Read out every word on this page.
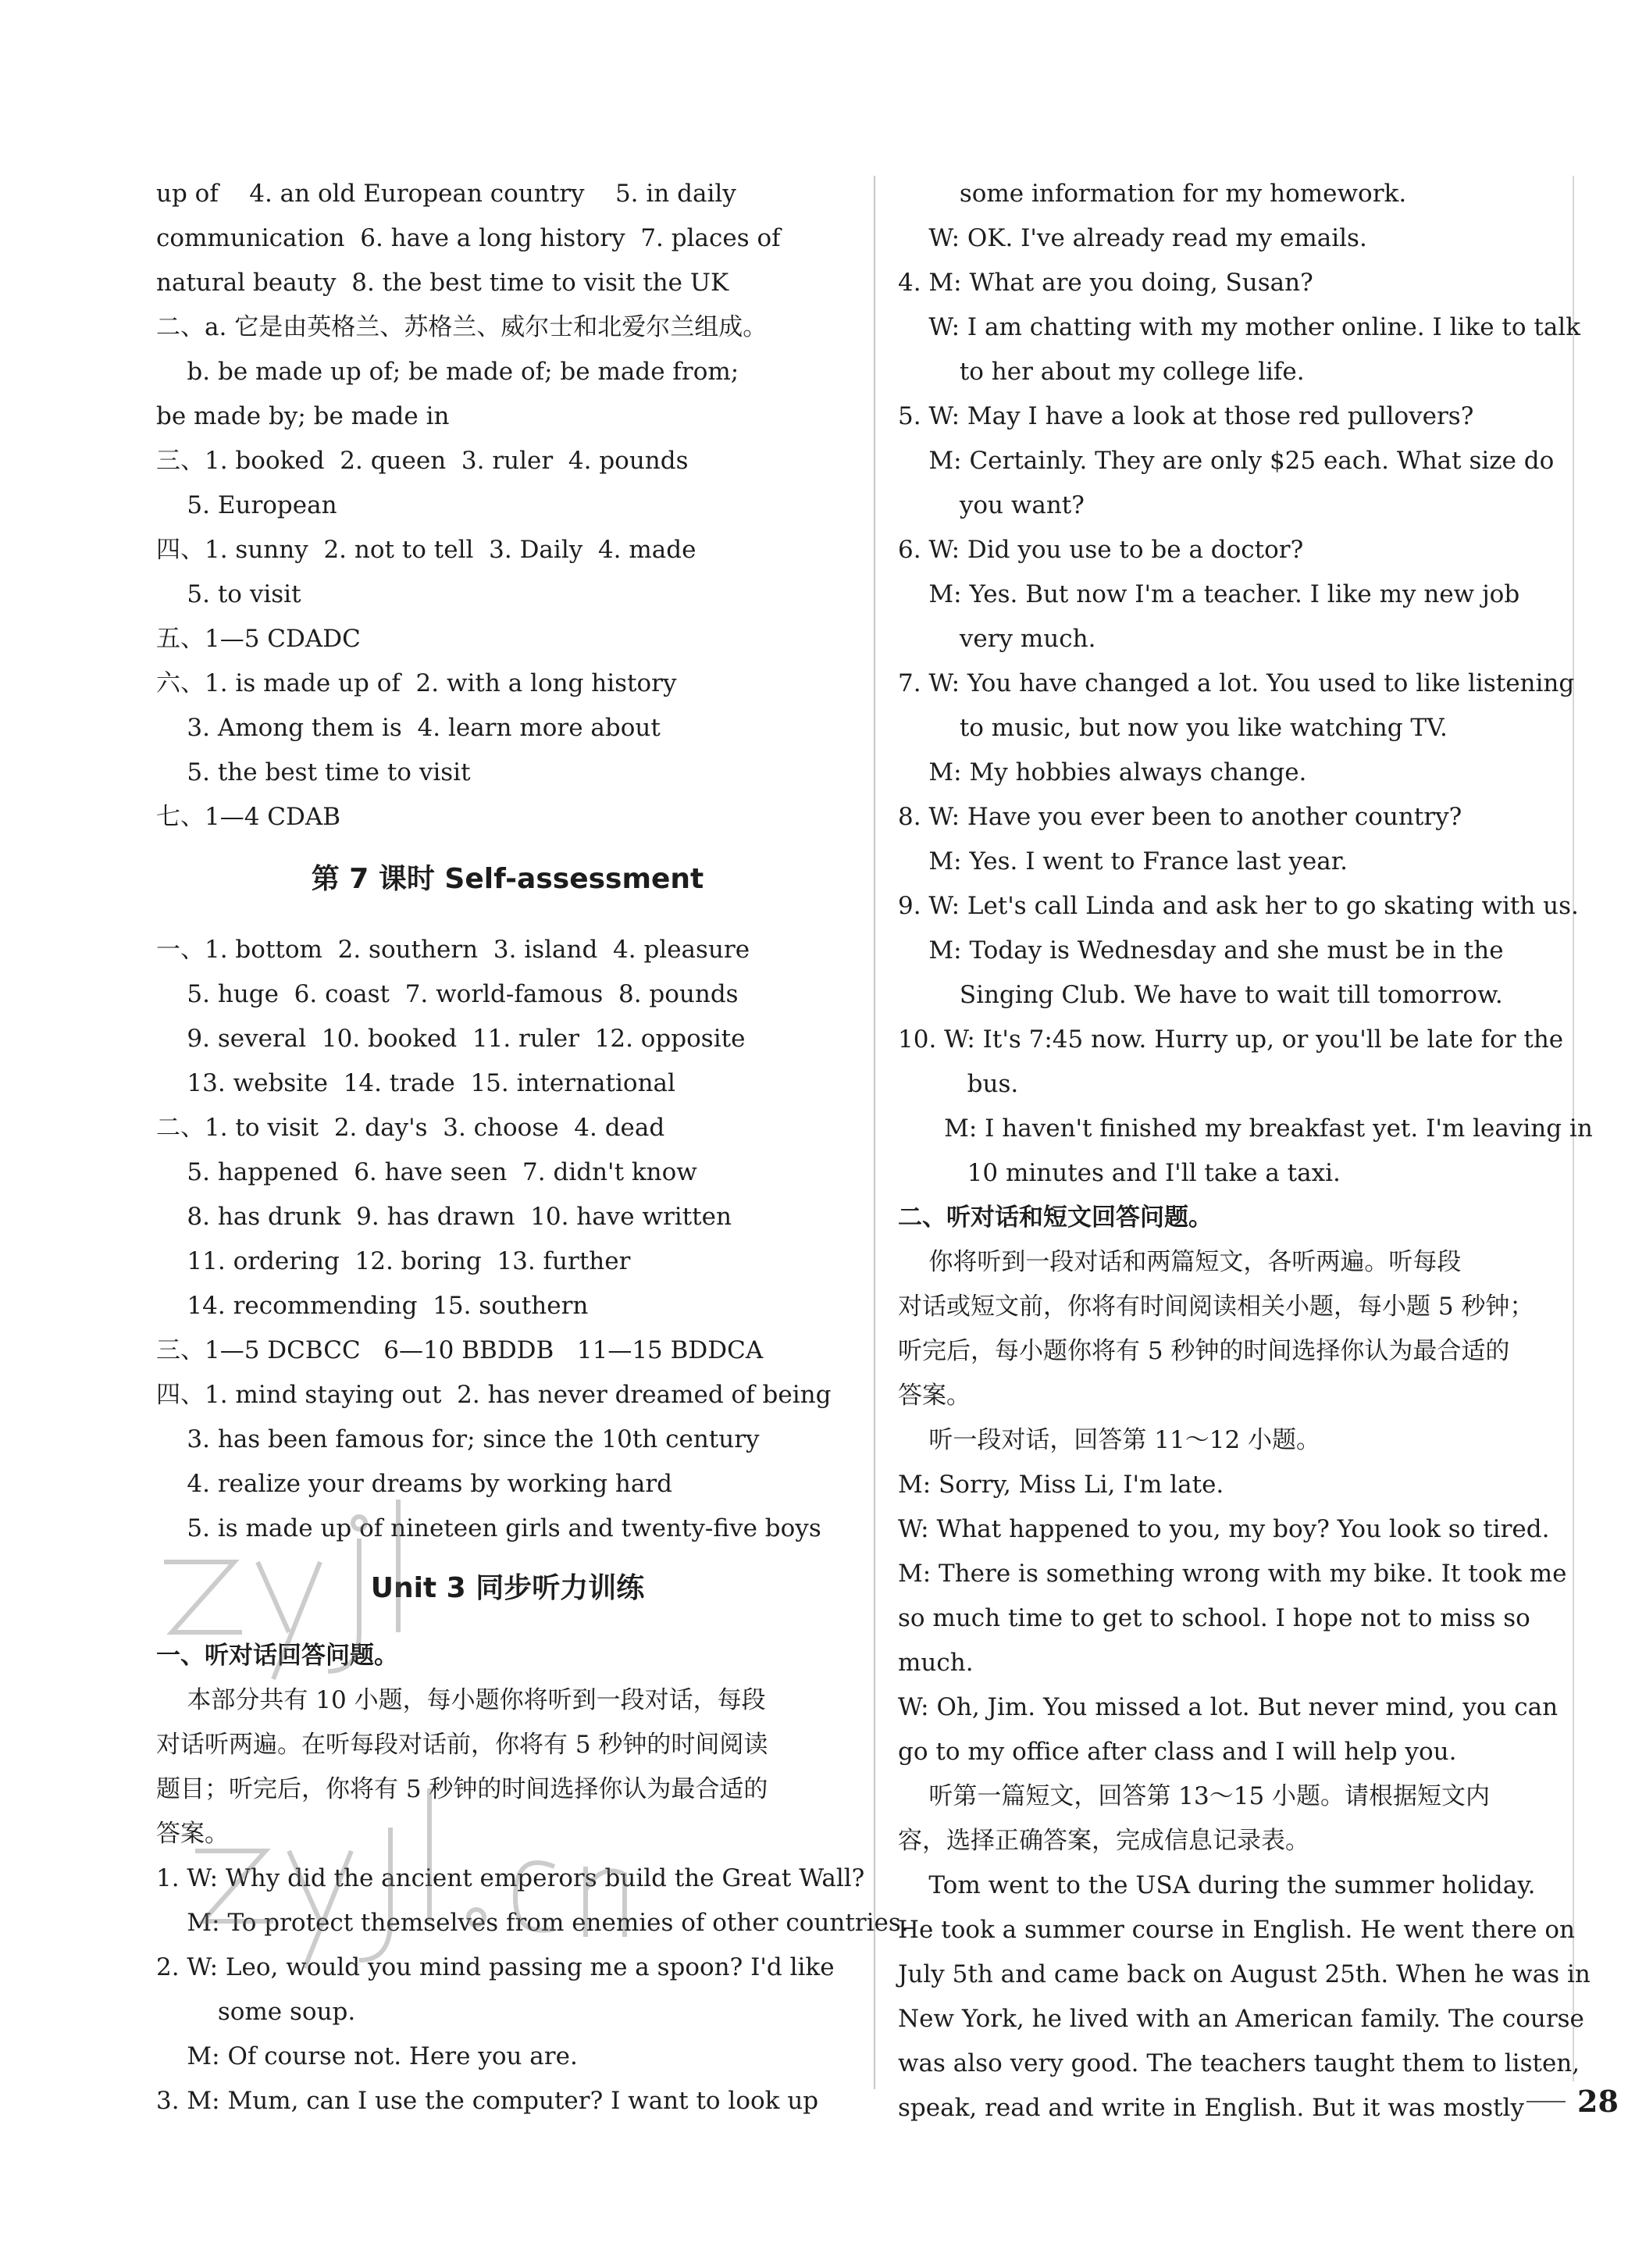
up of    4. an old European country    5. in daily
communication  6. have a long history  7. places of
natural beauty  8. the best time to visit the UK
二、a. 它是由英格兰、苏格兰、威尔士和北爱尔兰组成。
b. be made up of; be made of; be made from;
be made by; be made in
三、1. booked  2. queen  3. ruler  4. pounds
5. European
四、1. sunny  2. not to tell  3. Daily  4. made
5. to visit
五、1—5 CDADC
六、1. is made up of  2. with a long history
3. Among them is  4. learn more about
5. the best time to visit
七、1—4 CDAB
第 7 课时 Self-assessment
一、1. bottom  2. southern  3. island  4. pleasure
5. huge  6. coast  7. world-famous  8. pounds
9. several  10. booked  11. ruler  12. opposite
13. website  14. trade  15. international
二、1. to visit  2. day's  3. choose  4. dead
5. happened  6. have seen  7. didn't know
8. has drunk  9. has drawn  10. have written
11. ordering  12. boring  13. further
14. recommending  15. southern
三、1—5 DCBCC   6—10 BBDDB   11—15 BDDCA
四、1. mind staying out  2. has never dreamed of being
3. has been famous for; since the 10th century
4. realize your dreams by working hard
5. is made up of nineteen girls and twenty-five boys
Unit 3 同步听力训练
一、听对话回答问题。
本部分共有 10 小题，每小题你将听到一段对话，每段
对话听两遍。在听每段对话前，你将有 5 秒钟的时间阅读
题目；听完后，你将有 5 秒钟的时间选择你认为最合适的
答案。
1. W: Why did the ancient emperors build the Great Wall?
M: To protect themselves from enemies of other countries.
2. W: Leo, would you mind passing me a spoon? I'd like
some soup.
M: Of course not. Here you are.
3. M: Mum, can I use the computer? I want to look up
some information for my homework.
W: OK. I've already read my emails.
4. M: What are you doing, Susan?
W: I am chatting with my mother online. I like to talk
to her about my college life.
5. W: May I have a look at those red pullovers?
M: Certainly. They are only $25 each. What size do
you want?
6. W: Did you use to be a doctor?
M: Yes. But now I'm a teacher. I like my new job
very much.
7. W: You have changed a lot. You used to like listening
to music, but now you like watching TV.
M: My hobbies always change.
8. W: Have you ever been to another country?
M: Yes. I went to France last year.
9. W: Let's call Linda and ask her to go skating with us.
M: Today is Wednesday and she must be in the
Singing Club. We have to wait till tomorrow.
10. W: It's 7:45 now. Hurry up, or you'll be late for the
bus.
M: I haven't finished my breakfast yet. I'm leaving in
10 minutes and I'll take a taxi.
二、听对话和短文回答问题。
你将听到一段对话和两篇短文，各听两遍。听每段
对话或短文前，你将有时间阅读相关小题，每小题 5 秒钟；
听完后，每小题你将有 5 秒钟的时间选择你认为最合适的
答案。
听一段对话，回答第 11～12 小题。
M: Sorry, Miss Li, I'm late.
W: What happened to you, my boy? You look so tired.
M: There is something wrong with my bike. It took me
so much time to get to school. I hope not to miss so
much.
W: Oh, Jim. You missed a lot. But never mind, you can
go to my office after class and I will help you.
听第一篇短文，回答第 13～15 小题。请根据短文内
容，选择正确答案，完成信息记录表。
Tom went to the USA during the summer holiday.
He took a summer course in English. He went there on
July 5th and came back on August 25th. When he was in
New York, he lived with an American family. The course
was also very good. The teachers taught them to listen,
speak, read and write in English. But it was mostly	28
